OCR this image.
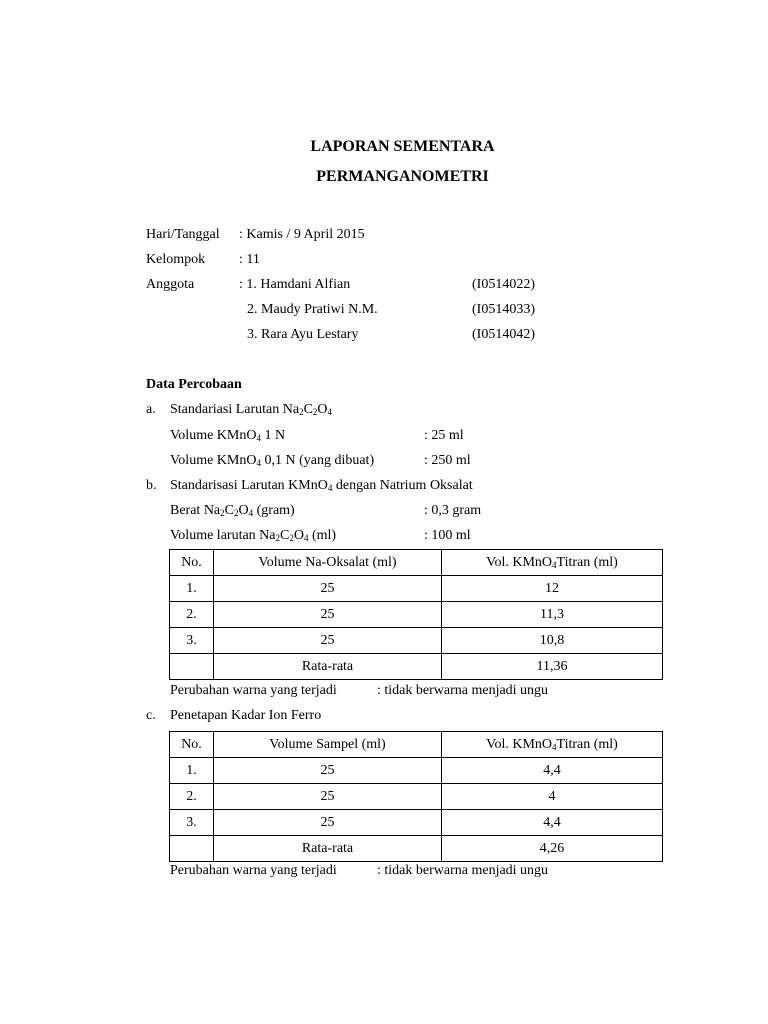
LAPORAN SEMENTARA
PERMANGANOMETRI
Hari/Tanggal : Kamis / 9 April 2015
Kelompok : 11
Anggota	: 1. Hamdani Alfian	(I0514022)
2. Maudy Pratiwi N.M.	(I0514033)
3. Rara Ayu Lestary	(I0514042)
Data Percobaan
a. Standariasi Larutan $Na_2C_2O_4$
Volume KMnO$_4$ 1 N	: 25 ml
Volume KMnO$_4$ 0,1 N (yang dibuat)	: 250 ml
b. Standarisasi Larutan KMnO$_4$ dengan Natrium Oksalat
Berat $Na_2C_2O_4$ (gram)	: 0,3 gram
Volume larutan $Na_2C_2O_4$ (ml)	: 100 ml
No.	Volume Na-Oksalat (ml)	Vol. KMnO$_4$Titran (ml)
1.	25	12
2.	25	11,3
3.	25	10,8
	Rata-rata	11,36
Perubahan warna yang terjadi	: tidak berwarna menjadi ungu
c. Penetapan Kadar Ion Ferro
No.	Volume Sampel (ml)	Vol. KMnO$_4$Titran (ml)
1.	25	4,4
2.	25	4
3.	25	4,4
	Rata-rata	4,26
Perubahan warna yang terjadi	: tidak berwarna menjadi ungu
